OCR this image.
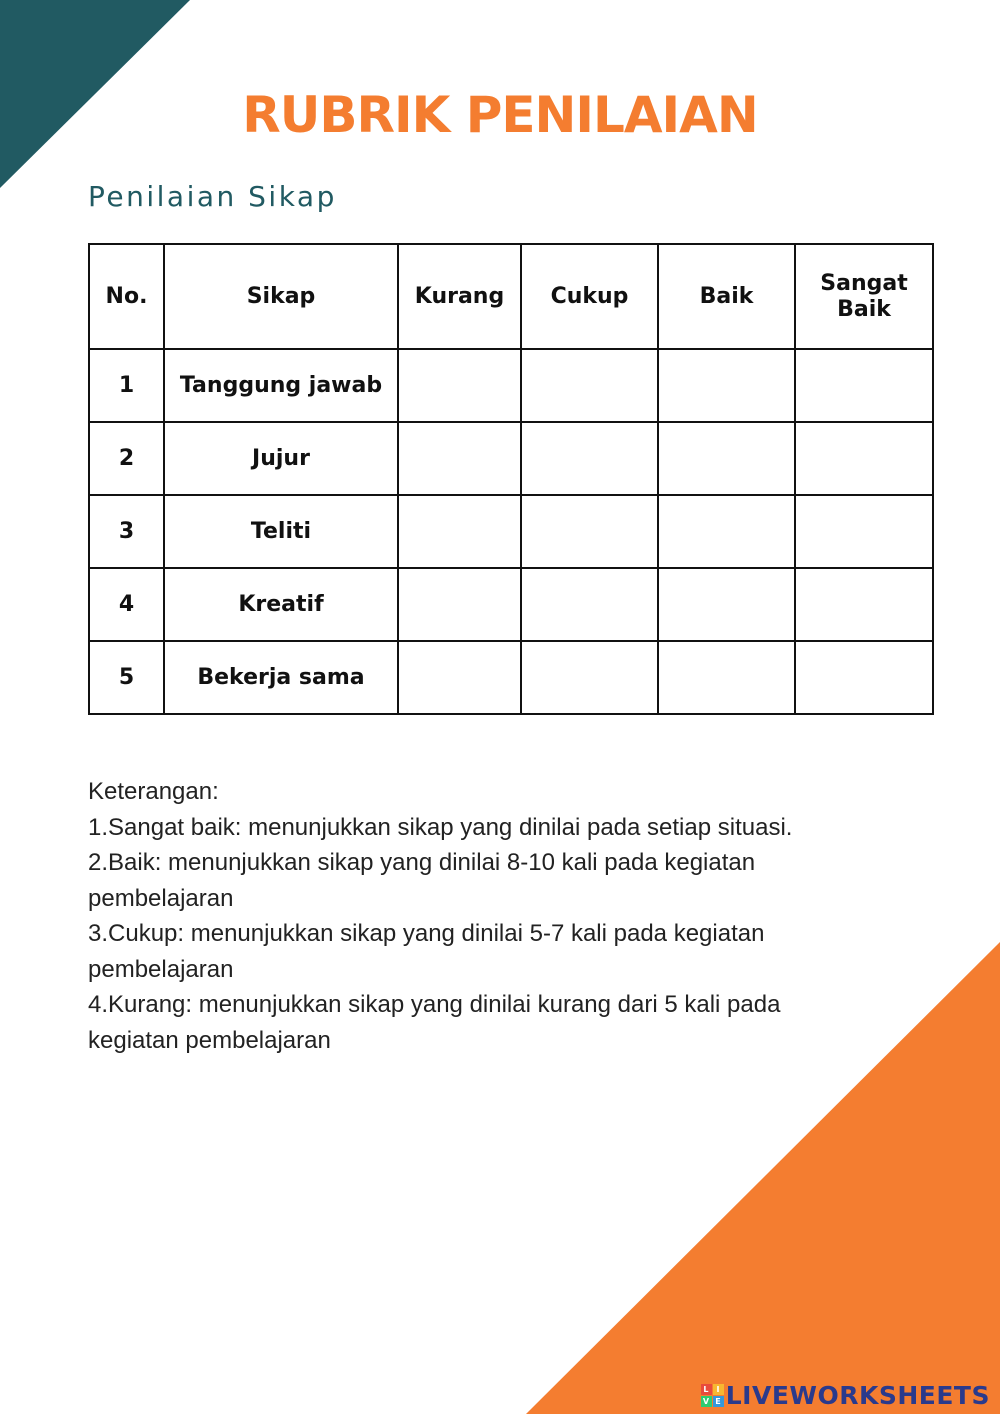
RUBRIK PENILAIAN
Penilaian Sikap
No.	Sikap	Kurang	Cukup	Baik	Sangat Baik
1	Tanggung jawab				
2	Jujur				
3	Teliti				
4	Kreatif				
5	Bekerja sama				

Keterangan:

1.Sangat baik: menunjukkan sikap yang dinilai pada setiap situasi.

2.Baik: menunjukkan sikap yang dinilai 8-10 kali pada kegiatan pembelajaran

3.Cukup: menunjukkan sikap yang dinilai 5-7 kali pada kegiatan pembelajaran

4.Kurang: menunjukkan sikap yang dinilai kurang dari 5 kali pada kegiatan pembelajaran

L I
V E LIVEWORKSHEETS
